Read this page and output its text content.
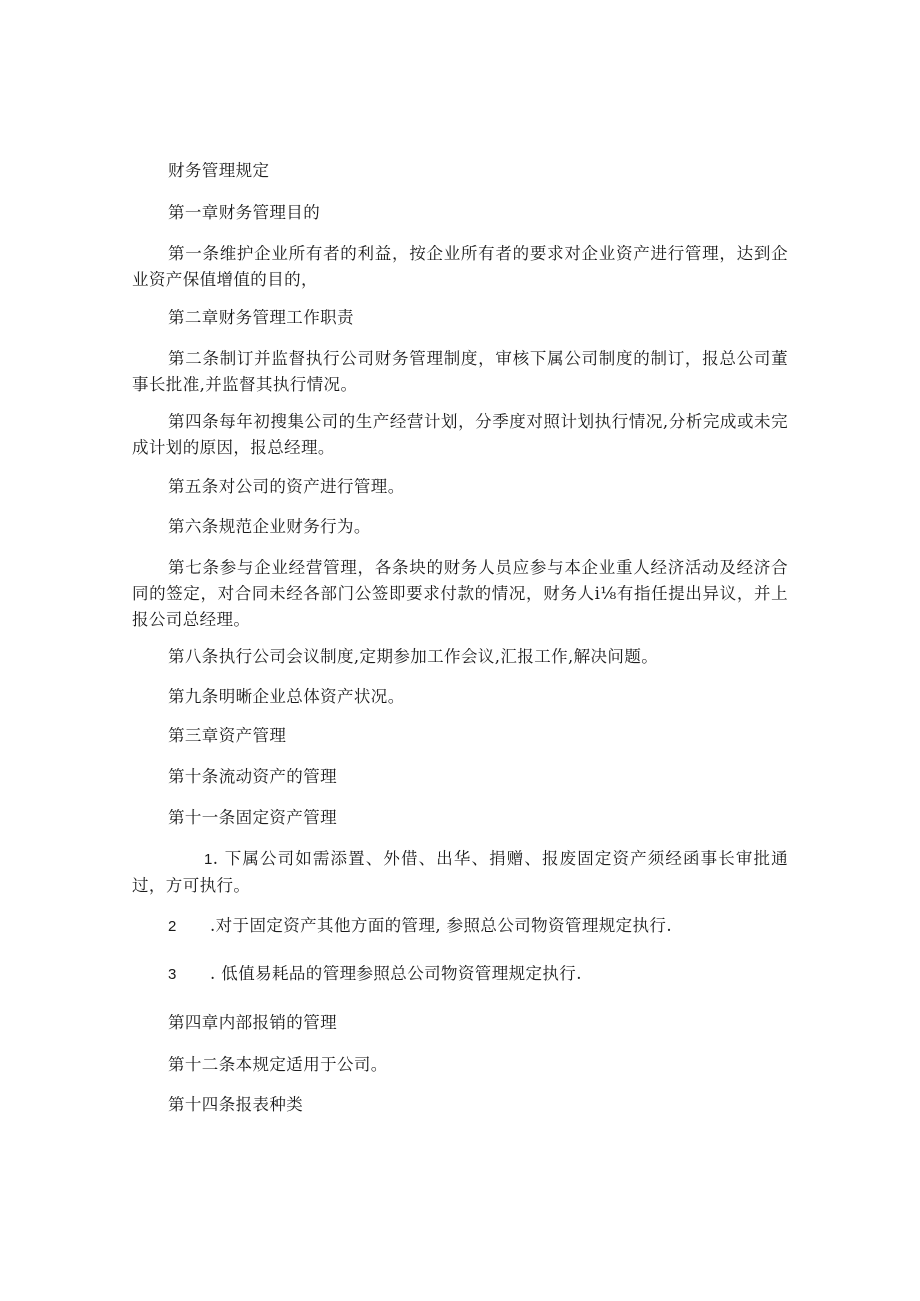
财务管理规定
第一章财务管理目的
第一条维护企业所有者的利益，按企业所有者的要求对企业资产进行管理，达到企业资产保值增值的目的，
第二章财务管理工作职责
第二条制订并监督执行公司财务管理制度，审核下属公司制度的制订，报总公司董事长批准,并监督其执行情况。
第四条每年初搜集公司的生产经营计划，分季度对照计划执行情况,分析完成或未完成计划的原因，报总经理。
第五条对公司的资产进行管理。
第六条规范企业财务行为。
第七条参与企业经营管理，各条块的财务人员应参与本企业重人经济活动及经济合同的签定，对合同未经各部门公签即要求付款的情况，财务人i⅛有指任提出异议，并上报公司总经理。
第八条执行公司会议制度,定期参加工作会议,汇报工作,解决问题。
第九条明晰企业总体资产状况。
第三章资产管理
第十条流动资产的管理
第十一条固定资产管理
1. 下属公司如需添置、外借、出华、捐赠、报废固定资产须经函事长审批通过，方可执行。
2 .对于固定资产其他方面的管理, 参照总公司物资管理规定执行.
3 . 低值易耗品的管理参照总公司物资管理规定执行.
第四章内部报销的管理
第十二条本规定适用于公司。
第十四条报表种类
